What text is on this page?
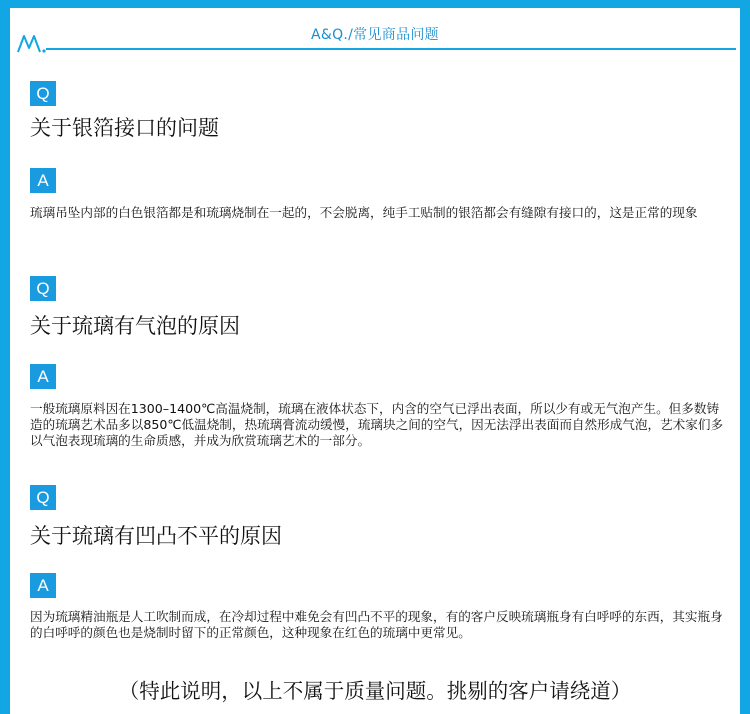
A&Q./常见商品问题
Q
关于银箔接口的问题
A
琉璃吊坠内部的白色银箔都是和琉璃烧制在一起的，不会脱离，纯手工贴制的银箔都会有缝隙有接口的，这是正常的现象
Q
关于琉璃有气泡的原因
A
一般琉璃原料因在1300–1400℃高温烧制，琉璃在液体状态下，内含的空气已浮出表面，所以少有或无气泡产生。但多数铸造的琉璃艺术品多以850℃低温烧制，热琉璃膏流动缓慢，琉璃块之间的空气，因无法浮出表面而自然形成气泡，艺术家们多以气泡表现琉璃的生命质感，并成为欣赏琉璃艺术的一部分。
Q
关于琉璃有凹凸不平的原因
A
因为琉璃精油瓶是人工吹制而成，在冷却过程中难免会有凹凸不平的现象，有的客户反映琉璃瓶身有白呼呼的东西，其实瓶身的白呼呼的颜色也是烧制时留下的正常颜色，这种现象在红色的琉璃中更常见。
（特此说明，以上不属于质量问题。挑剔的客户请绕道）
